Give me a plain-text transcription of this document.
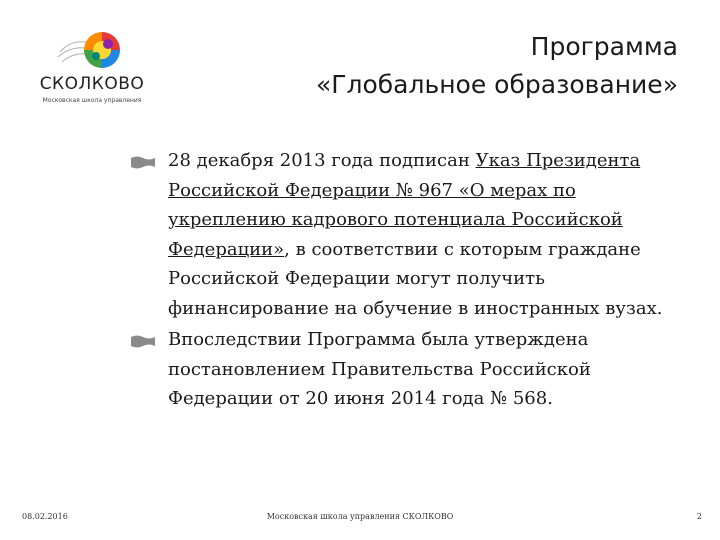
СКОЛКОВО
Московская школа управления
Программа
«Глобальное образование»
28 декабря 2013 года подписан Указ Президента Российской Федерации № 967 «О мерах по укреплению кадрового потенциала Российской Федерации», в соответствии с которым граждане Российской Федерации могут получить финансирование на обучение в иностранных вузах.
Впоследствии Программа была утверждена постановлением Правительства Российской Федерации от 20 июня 2014 года № 568.
08.02.2016	Московская школа управления СКОЛКОВО	2
